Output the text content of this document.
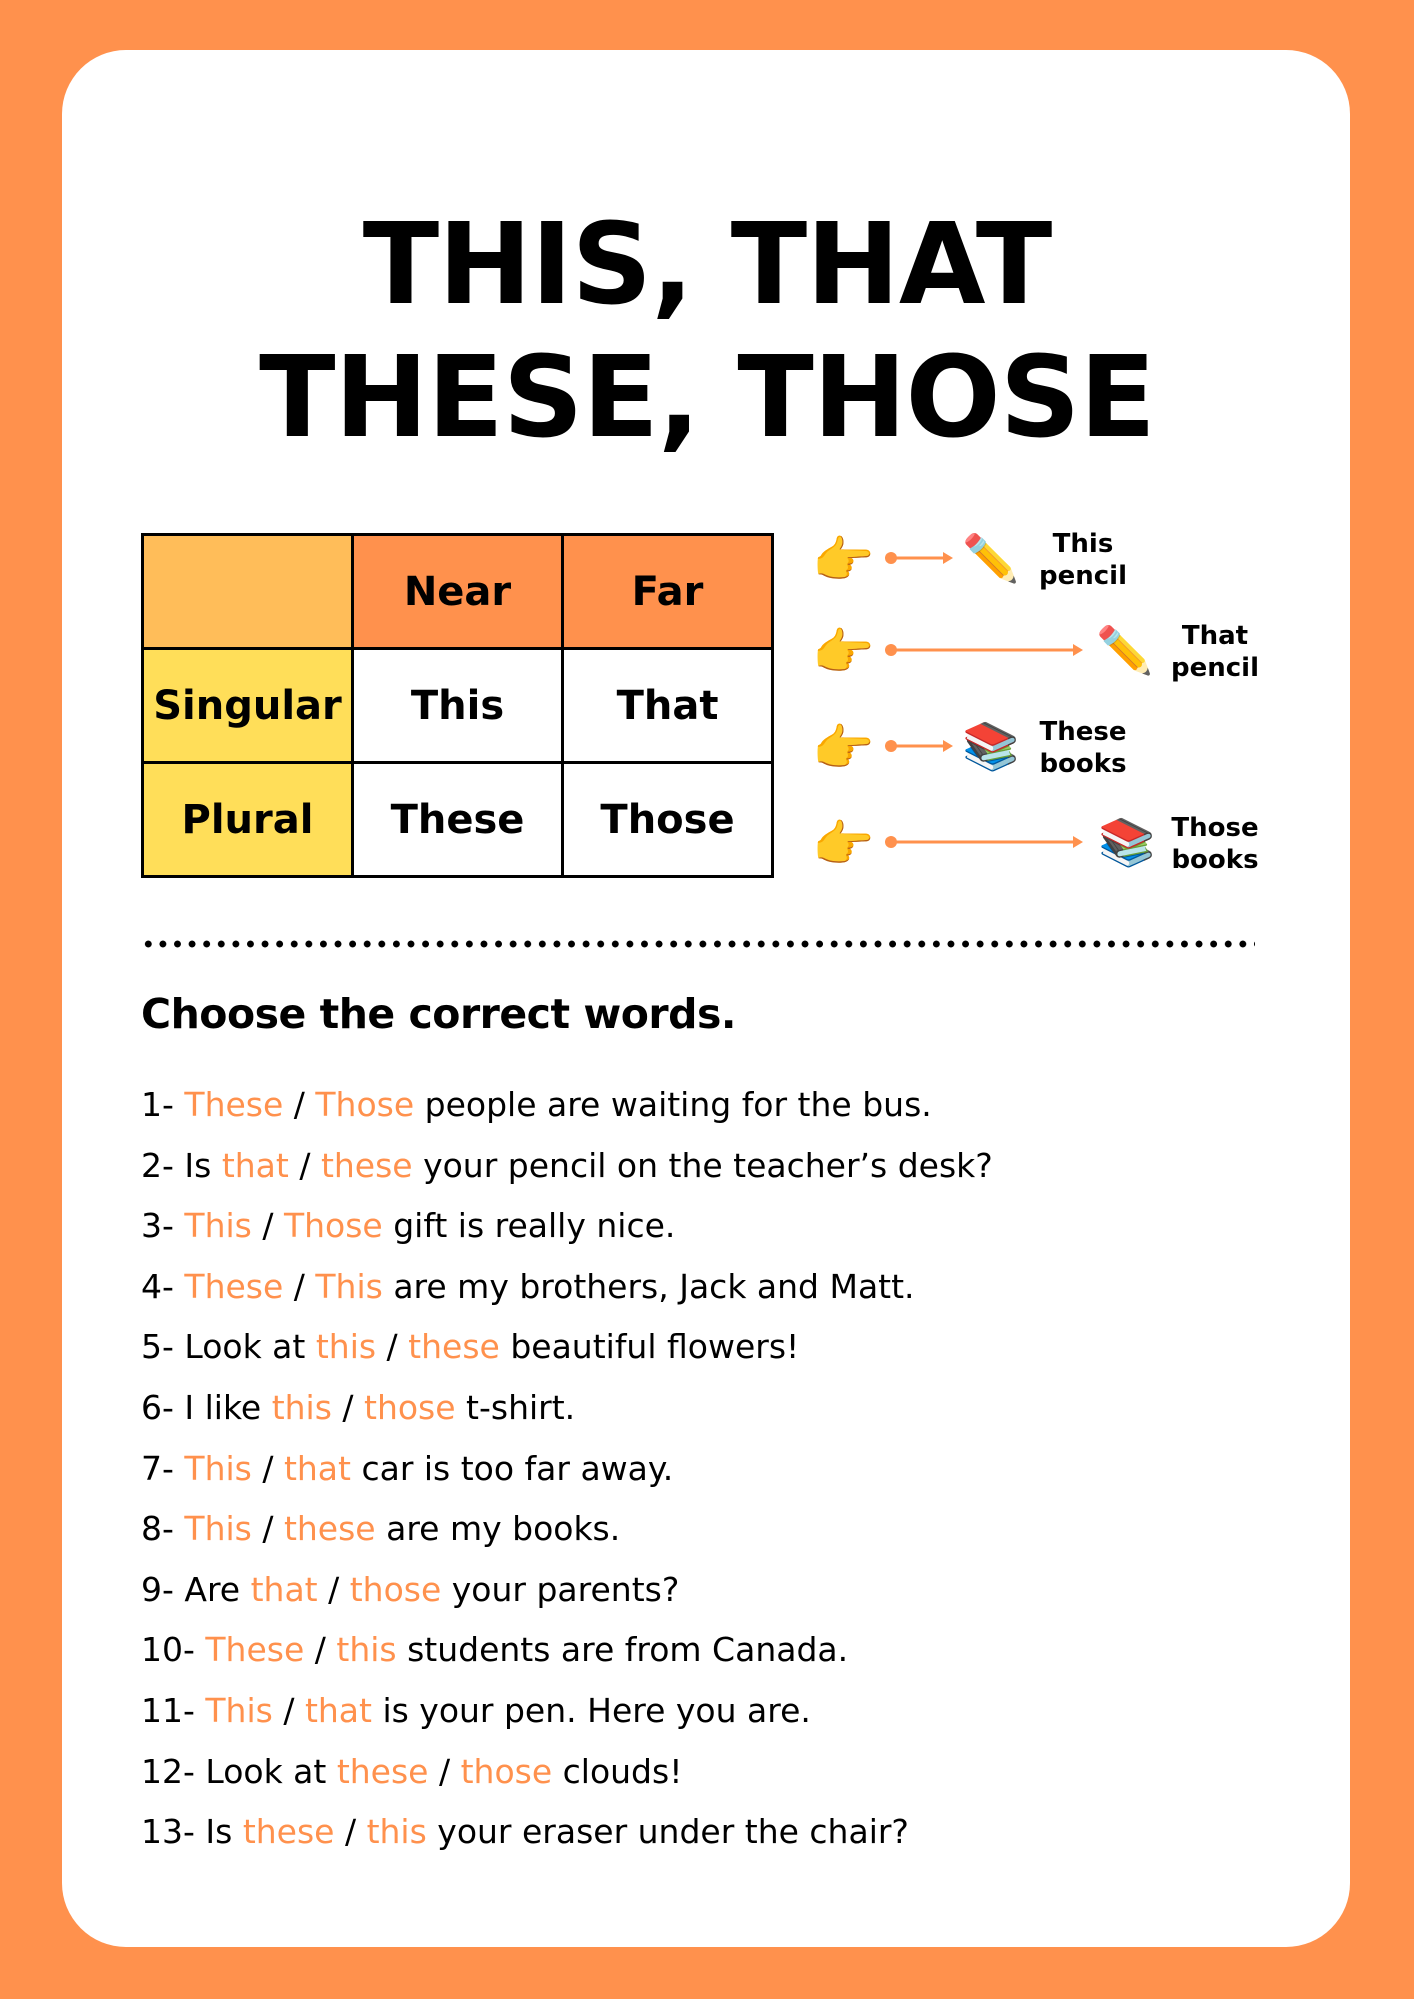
THIS, THAT
THESE, THOSE
	Near	Far
Singular	This	That
Plural	These	Those
👉 ✏️	This
pencil
👉	✏️	That
pencil
👉 📚 These
books
👉	📚 Those
books
Choose the correct words.
1- These / Those people are waiting for the bus.
2- Is that / these your pencil on the teacher’s desk?
3- This / Those gift is really nice.
4- These / This are my brothers, Jack and Matt.
5- Look at this / these beautiful flowers!
6- I like this / those t-shirt.
7- This / that car is too far away.
8- This / these are my books.
9- Are that / those your parents?
10- These / this students are from Canada.
11- This / that is your pen. Here you are.
12- Look at these / those clouds!
13- Is these / this your eraser under the chair?
